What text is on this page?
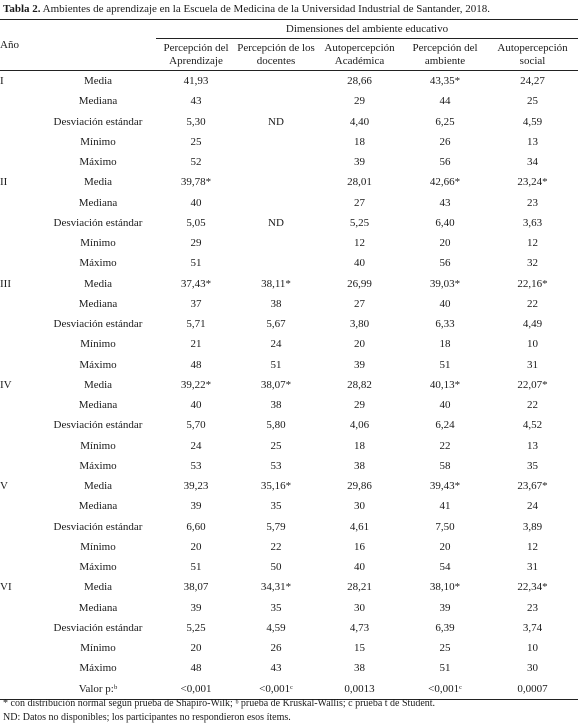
Tabla 2. Ambientes de aprendizaje en la Escuela de Medicina de la Universidad Industrial de Santander, 2018.
Año		Dimensiones del ambiente educativo				
		Percepción del Aprendizaje	Percepción de los docentes	Autopercepción Académica	Percepción del ambiente	Autopercepción social
I	Media	41,93		28,66	43,35*	24,27
	Mediana	43		29	44	25
	Desviación estándar	5,30	ND	4,40	6,25	4,59
	Mínimo	25		18	26	13
	Máximo	52		39	56	34
II	Media	39,78*		28,01	42,66*	23,24*
	Mediana	40		27	43	23
	Desviación estándar	5,05	ND	5,25	6,40	3,63
	Mínimo	29		12	20	12
	Máximo	51		40	56	32
III	Media	37,43*	38,11*	26,99	39,03*	22,16*
	Mediana	37	38	27	40	22
	Desviación estándar	5,71	5,67	3,80	6,33	4,49
	Mínimo	21	24	20	18	10
	Máximo	48	51	39	51	31
IV	Media	39,22*	38,07*	28,82	40,13*	22,07*
	Mediana	40	38	29	40	22
	Desviación estándar	5,70	5,80	4,06	6,24	4,52
	Mínimo	24	25	18	22	13
	Máximo	53	53	38	58	35
V	Media	39,23	35,16*	29,86	39,43*	23,67*
	Mediana	39	35	30	41	24
	Desviación estándar	6,60	5,79	4,61	7,50	3,89
	Mínimo	20	22	16	20	12
	Máximo	51	50	40	54	31
VI	Media	38,07	34,31*	28,21	38,10*	22,34*
	Mediana	39	35	30	39	23
	Desviación estándar	5,25	4,59	4,73	6,39	3,74
	Mínimo	20	26	15	25	10
	Máximo	48	43	38	51	30
	Valor p:ᵇ	<0,001	<0,001ᶜ	0,0013	<0,001ᶜ	0,0007
* con distribución normal según prueba de Shapiro-Wilk; ᵇ prueba de Kruskal-Wallis; c prueba t de Student.
ND: Datos no disponibles; los participantes no respondieron esos ítems.
